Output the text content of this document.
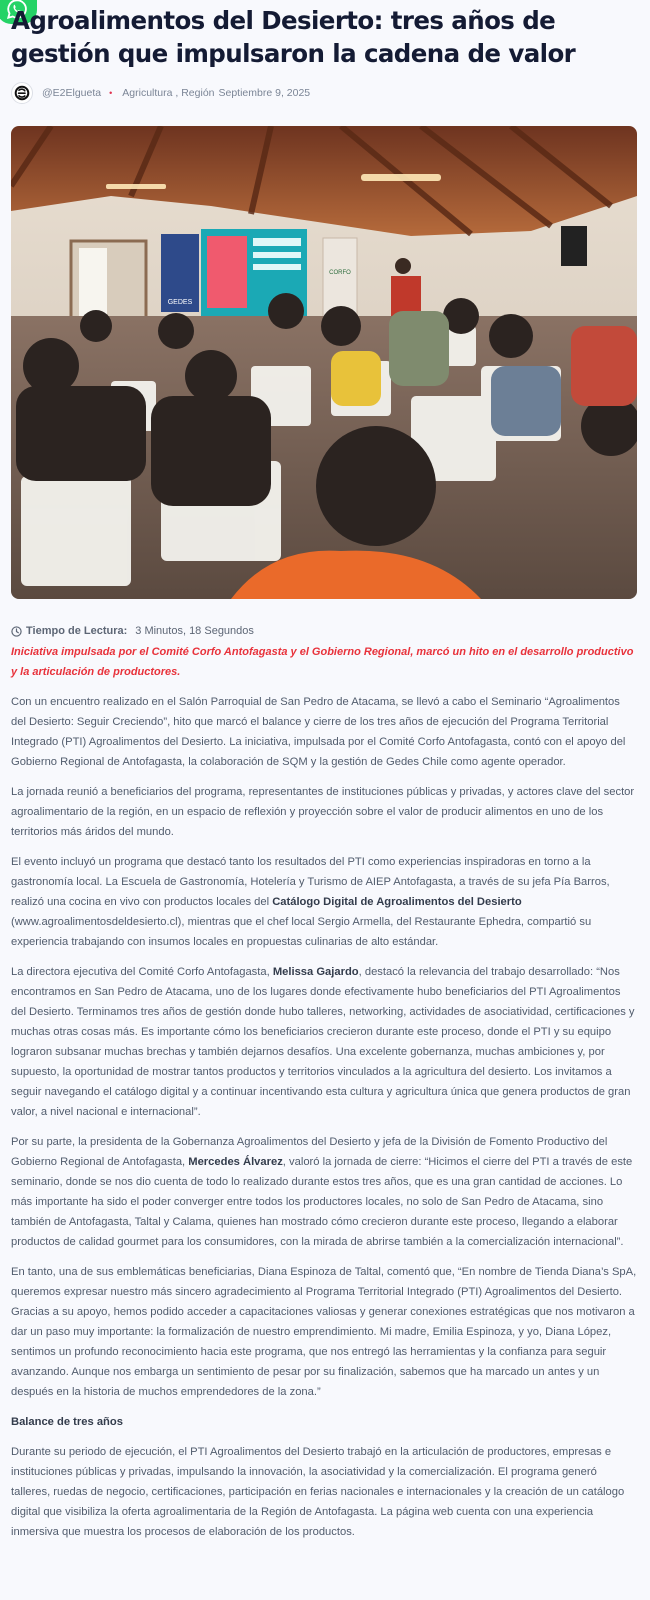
Agroalimentos del Desierto: tres años de gestión que impulsaron la cadena de valor
@E2Elgueta • Agricultura , Región Septiembre 9, 2025
GEDES
CORFO
Tiempo de Lectura: 3 Minutos, 18 Segundos

Iniciativa impulsada por el Comité Corfo Antofagasta y el Gobierno Regional, marcó un hito en el desarrollo productivo y la articulación de productores.

Con un encuentro realizado en el Salón Parroquial de San Pedro de Atacama, se llevó a cabo el Seminario “Agroalimentos del Desierto: Seguir Creciendo”, hito que marcó el balance y cierre de los tres años de ejecución del Programa Territorial Integrado (PTI) Agroalimentos del Desierto. La iniciativa, impulsada por el Comité Corfo Antofagasta, contó con el apoyo del Gobierno Regional de Antofagasta, la colaboración de SQM y la gestión de Gedes Chile como agente operador.

La jornada reunió a beneficiarios del programa, representantes de instituciones públicas y privadas, y actores clave del sector agroalimentario de la región, en un espacio de reflexión y proyección sobre el valor de producir alimentos en uno de los territorios más áridos del mundo.

El evento incluyó un programa que destacó tanto los resultados del PTI como experiencias inspiradoras en torno a la gastronomía local. La Escuela de Gastronomía, Hotelería y Turismo de AIEP Antofagasta, a través de su jefa Pía Barros, realizó una cocina en vivo con productos locales del Catálogo Digital de Agroalimentos del Desierto (www.agroalimentosdeldesierto.cl), mientras que el chef local Sergio Armella, del Restaurante Ephedra, compartió su experiencia trabajando con insumos locales en propuestas culinarias de alto estándar.

La directora ejecutiva del Comité Corfo Antofagasta, Melissa Gajardo, destacó la relevancia del trabajo desarrollado: “Nos encontramos en San Pedro de Atacama, uno de los lugares donde efectivamente hubo beneficiarios del PTI Agroalimentos del Desierto. Terminamos tres años de gestión donde hubo talleres, networking, actividades de asociatividad, certificaciones y muchas otras cosas más. Es importante cómo los beneficiarios crecieron durante este proceso, donde el PTI y su equipo lograron subsanar muchas brechas y también dejarnos desafíos. Una excelente gobernanza, muchas ambiciones y, por supuesto, la oportunidad de mostrar tantos productos y territorios vinculados a la agricultura del desierto. Los invitamos a seguir navegando el catálogo digital y a continuar incentivando esta cultura y agricultura única que genera productos de gran valor, a nivel nacional e internacional”.

Por su parte, la presidenta de la Gobernanza Agroalimentos del Desierto y jefa de la División de Fomento Productivo del Gobierno Regional de Antofagasta, Mercedes Álvarez, valoró la jornada de cierre: “Hicimos el cierre del PTI a través de este seminario, donde se nos dio cuenta de todo lo realizado durante estos tres años, que es una gran cantidad de acciones. Lo más importante ha sido el poder converger entre todos los productores locales, no solo de San Pedro de Atacama, sino también de Antofagasta, Taltal y Calama, quienes han mostrado cómo crecieron durante este proceso, llegando a elaborar productos de calidad gourmet para los consumidores, con la mirada de abrirse también a la comercialización internacional”.

En tanto, una de sus emblemáticas beneficiarias, Diana Espinoza de Taltal, comentó que, “En nombre de Tienda Diana’s SpA, queremos expresar nuestro más sincero agradecimiento al Programa Territorial Integrado (PTI) Agroalimentos del Desierto. Gracias a su apoyo, hemos podido acceder a capacitaciones valiosas y generar conexiones estratégicas que nos motivaron a dar un paso muy importante: la formalización de nuestro emprendimiento. Mi madre, Emilia Espinoza, y yo, Diana López, sentimos un profundo reconocimiento hacia este programa, que nos entregó las herramientas y la confianza para seguir avanzando. Aunque nos embarga un sentimiento de pesar por su finalización, sabemos que ha marcado un antes y un después en la historia de muchos emprendedores de la zona.”

Balance de tres años

Durante su periodo de ejecución, el PTI Agroalimentos del Desierto trabajó en la articulación de productores, empresas e instituciones públicas y privadas, impulsando la innovación, la asociatividad y la comercialización. El programa generó talleres, ruedas de negocio, certificaciones, participación en ferias nacionales e internacionales y la creación de un catálogo digital que visibiliza la oferta agroalimentaria de la Región de Antofagasta. La página web cuenta con una experiencia inmersiva que muestra los procesos de elaboración de los productos.
